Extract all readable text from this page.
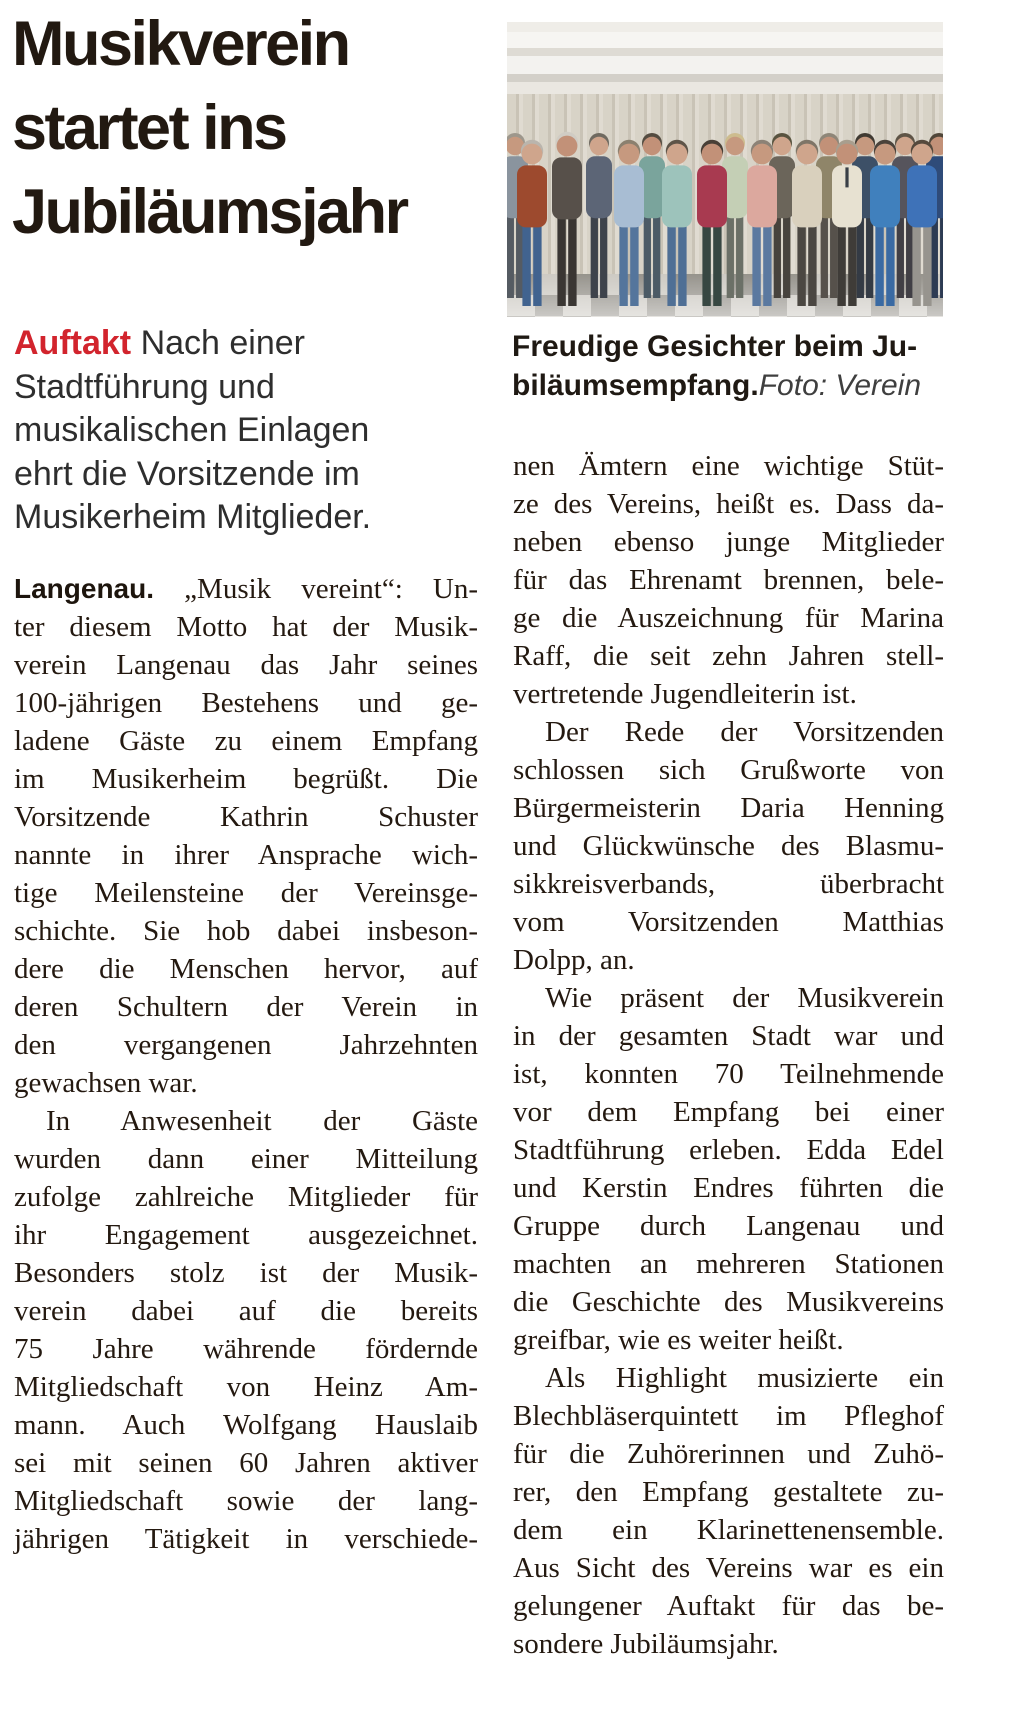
Musikverein
startet ins
Jubiläumsjahr

Auftakt Nach einer Stadtführung und musikalischen Einlagen ehrt die Vorsitzende im Musikerheim Mitglieder.

Freudige Gesichter beim Ju-
biläumsempfang.Foto: Verein
Langenau. „Musik vereint“: Un-
ter diesem Motto hat der Musik-
verein Langenau das Jahr seines
100-jährigen Bestehens und ge-
ladene Gäste zu einem Empfang
im Musikerheim begrüßt. Die
Vorsitzende Kathrin Schuster
nannte in ihrer Ansprache wich-
tige Meilensteine der Vereinsge-
schichte. Sie hob dabei insbeson-
dere die Menschen hervor, auf
deren Schultern der Verein in
den vergangenen Jahrzehnten
gewachsen war.
In Anwesenheit der Gäste
wurden dann einer Mitteilung
zufolge zahlreiche Mitglieder für
ihr Engagement ausgezeichnet.
Besonders stolz ist der Musik-
verein dabei auf die bereits
75 Jahre währende fördernde
Mitgliedschaft von Heinz Am-
mann. Auch Wolfgang Hauslaib
sei mit seinen 60 Jahren aktiver
Mitgliedschaft sowie der lang-
jährigen Tätigkeit in verschiede-
nen Ämtern eine wichtige Stüt-
ze des Vereins, heißt es. Dass da-
neben ebenso junge Mitglieder
für das Ehrenamt brennen, bele-
ge die Auszeichnung für Marina
Raff, die seit zehn Jahren stell-
vertretende Jugendleiterin ist.
Der Rede der Vorsitzenden
schlossen sich Grußworte von
Bürgermeisterin Daria Henning
und Glückwünsche des Blasmu-
sikkreisverbands, überbracht
vom Vorsitzenden Matthias
Dolpp, an.
Wie präsent der Musikverein
in der gesamten Stadt war und
ist, konnten 70 Teilnehmende
vor dem Empfang bei einer
Stadtführung erleben. Edda Edel
und Kerstin Endres führten die
Gruppe durch Langenau und
machten an mehreren Stationen
die Geschichte des Musikvereins
greifbar, wie es weiter heißt.
Als Highlight musizierte ein
Blechbläserquintett im Pfleghof
für die Zuhörerinnen und Zuhö-
rer, den Empfang gestaltete zu-
dem ein Klarinettenensemble.
Aus Sicht des Vereins war es ein
gelungener Auftakt für das be-
sondere Jubiläumsjahr.
